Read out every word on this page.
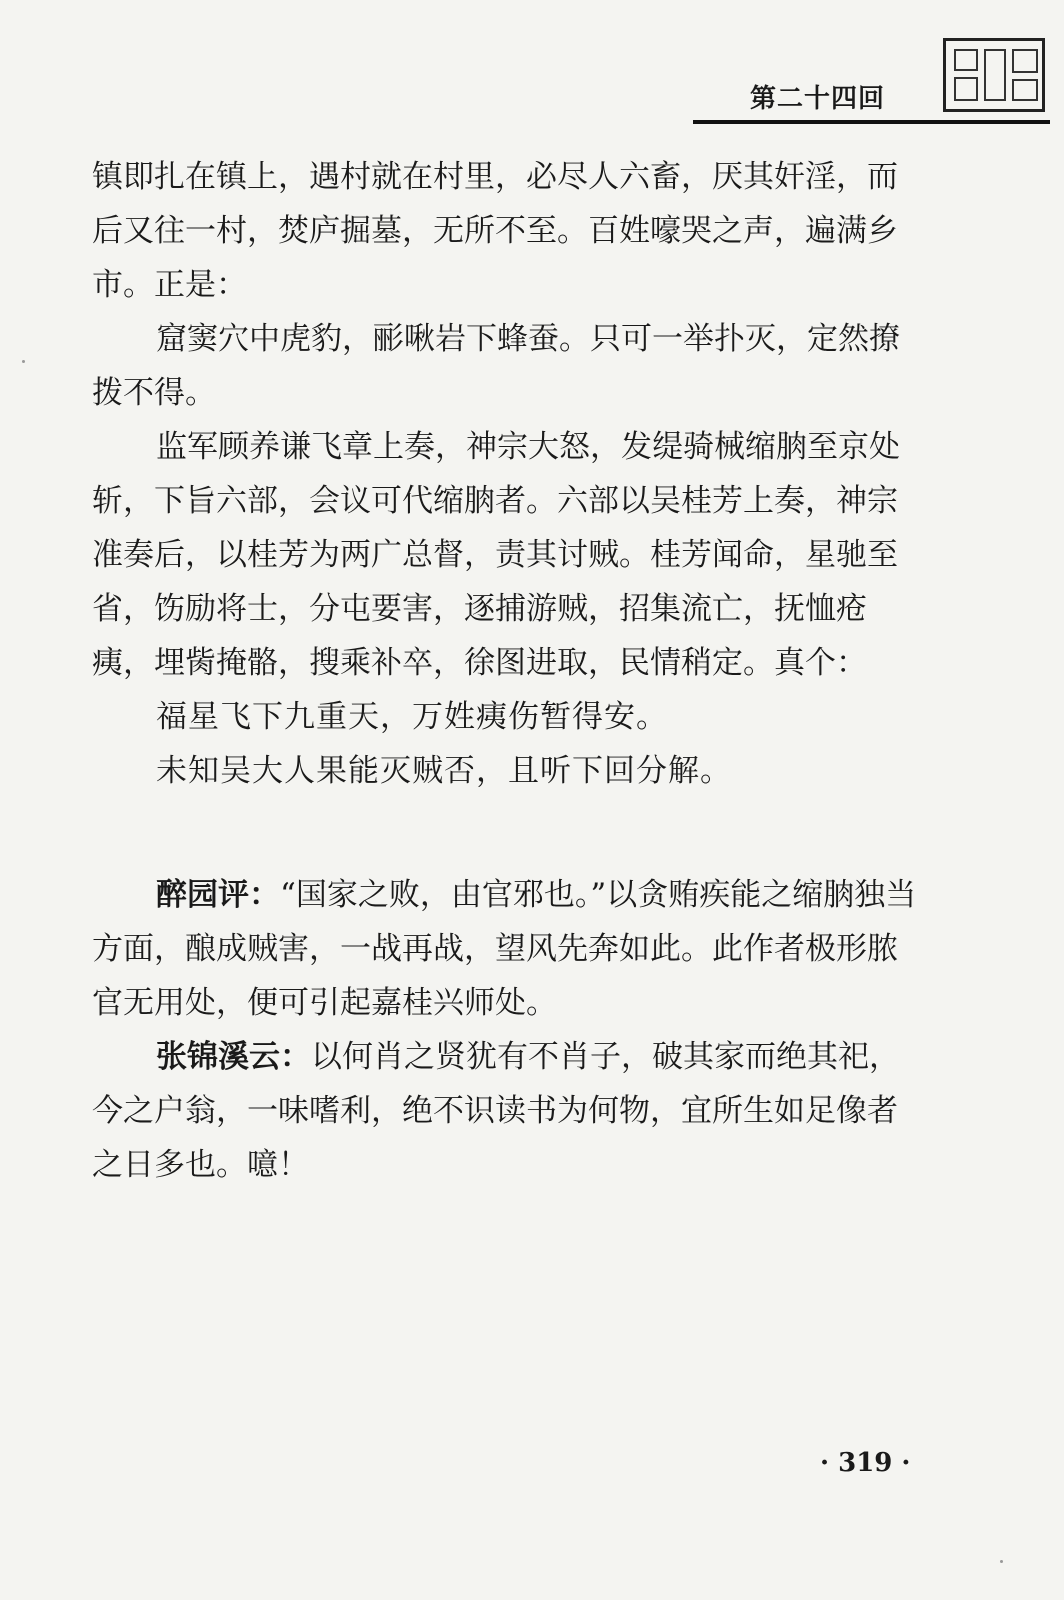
第二十四回

镇即扎在镇上，遇村就在村里，必尽人六畜，厌其奸淫，而后又往一村，焚庐掘墓，无所不至。百姓嚎哭之声，遍满乡市。正是：

窟窦穴中虎豹，彨啾岩下蜂蚕。只可一举扑灭，定然撩拨不得。

监军顾养谦飞章上奏，神宗大怒，发缇骑械缩朒至京处斩，下旨六部，会议可代缩朒者。六部以吴桂芳上奏，神宗准奏后，以桂芳为两广总督，责其讨贼。桂芳闻命，星驰至省，饬励将士，分屯要害，逐捕游贼，招集流亡，抚恤疮痍，埋胔掩骼，搜乘补卒，徐图进取，民情稍定。真个：

福星飞下九重天，万姓痍伤暂得安。

未知吴大人果能灭贼否，且听下回分解。

醉园评：“国家之败，由官邪也。”以贪贿疾能之缩朒独当方面，酿成贼害，一战再战，望风先奔如此。此作者极形脓官无用处，便可引起嘉桂兴师处。

张锦溪云：以何肖之贤犹有不肖子，破其家而绝其祀，今之户翁，一味嗜利，绝不识读书为何物，宜所生如足像者之日多也。噫！

· 319 ·
